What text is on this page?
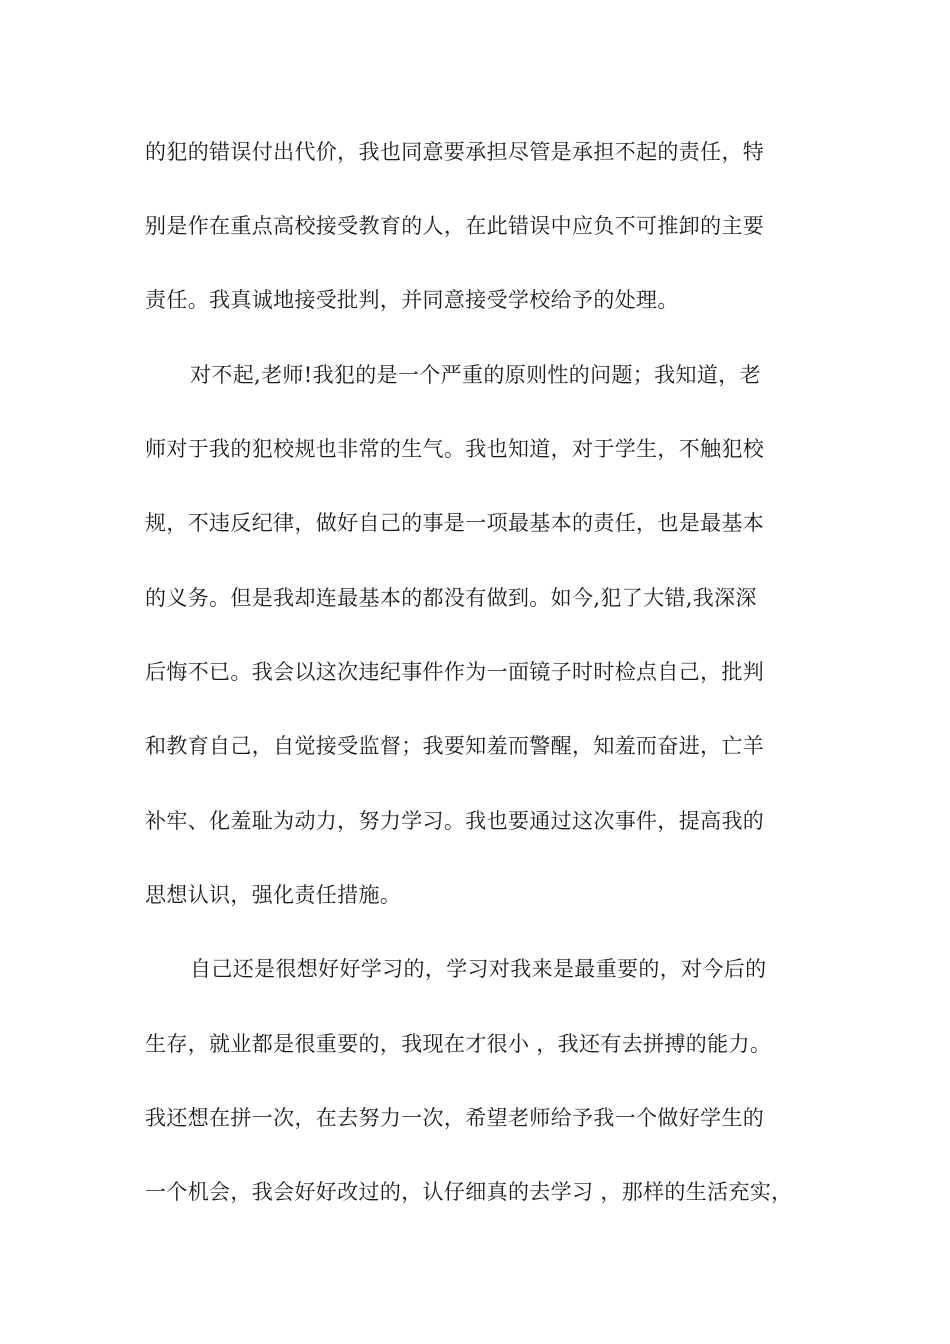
的犯的错误付出代价，我也同意要承担尽管是承担不起的责任，特
别是作在重点高校接受教育的人，在此错误中应负不可推卸的主要
责任。我真诚地接受批判，并同意接受学校给予的处理。
对不起,老师!我犯的是一个严重的原则性的问题；我知道，老
师对于我的犯校规也非常的生气。我也知道，对于学生，不触犯校
规，不违反纪律，做好自己的事是一项最基本的责任，也是最基本
的义务。但是我却连最基本的都没有做到。如今,犯了大错,我深深
后悔不已。我会以这次违纪事件作为一面镜子时时检点自己，批判
和教育自己，自觉接受监督；我要知羞而警醒，知羞而奋进，亡羊
补牢、化羞耻为动力，努力学习。我也要通过这次事件，提高我的
思想认识，强化责任措施。
自己还是很想好好学习的，学习对我来是最重要的，对今后的
生存，就业都是很重要的，我现在才很小 ，我还有去拼搏的能力。
我还想在拼一次，在去努力一次，希望老师给予我一个做好学生的
一个机会，我会好好改过的，认仔细真的去学习 ，那样的生活充实，
